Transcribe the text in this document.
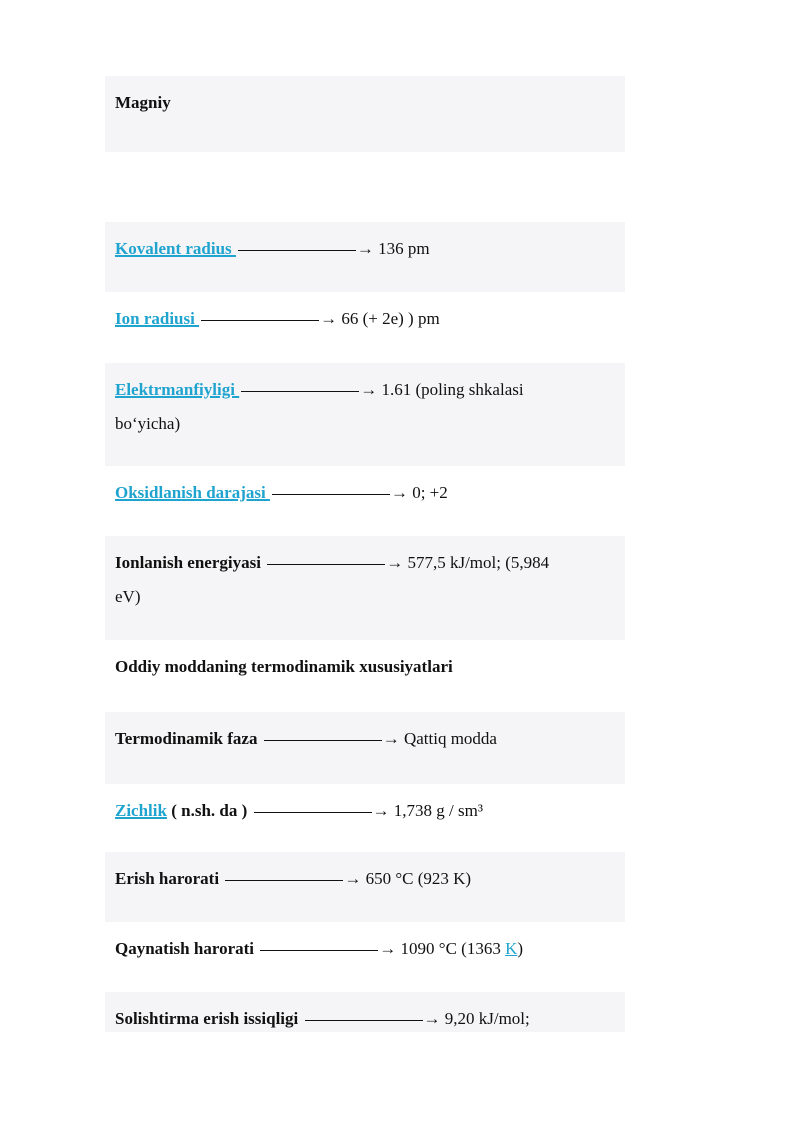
Magniy
Kovalent radius	→ 136 pm
Ion radiusi	→ 66 (+ 2e) ) pm
Elektrmanfiyligi	→ 1.61 (poling shkalasi
bo‘yicha)
Oksidlanish darajasi	→ 0; +2
Ionlanish energiyasi	→ 577,5 kJ/mol; (5,984
eV)
Oddiy moddaning termodinamik xususiyatlari
Termodinamik faza	→ Qattiq modda
Zichlik ( n.sh. da )	→ 1,738 g / sm³
Erish harorati	→ 650 °C (923 K)
Qaynatish harorati	→ 1090 °C (1363 K)
Solishtirma erish issiqligi	→ 9,20 kJ/mol;
